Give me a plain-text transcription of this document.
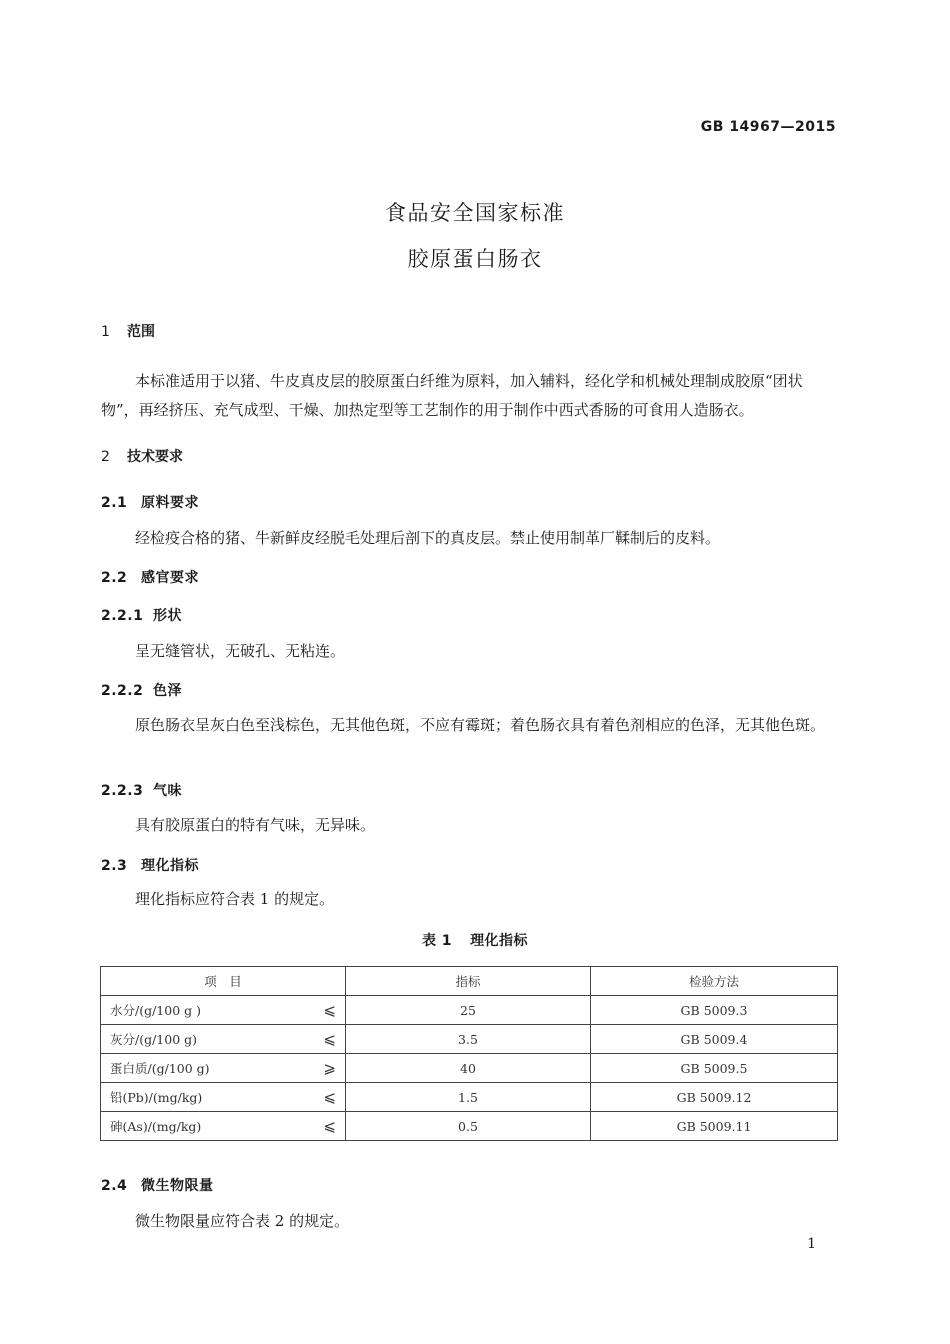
GB 14967—2015
食品安全国家标准
胶原蛋白肠衣
1 范围
本标准适用于以猪、牛皮真皮层的胶原蛋白纤维为原料，加入辅料，经化学和机械处理制成胶原“团状物”，再经挤压、充气成型、干燥、加热定型等工艺制作的用于制作中西式香肠的可食用人造肠衣。
2 技术要求
2.1 原料要求
经检疫合格的猪、牛新鲜皮经脱毛处理后剖下的真皮层。禁止使用制革厂鞣制后的皮料。
2.2 感官要求
2.2.1 形状
呈无缝管状，无破孔、无粘连。
2.2.2 色泽
原色肠衣呈灰白色至浅棕色，无其他色斑，不应有霉斑；着色肠衣具有着色剂相应的色泽，无其他色斑。
2.2.3 气味
具有胶原蛋白的特有气味，无异味。
2.3 理化指标
理化指标应符合表 1 的规定。
表 1 理化指标
项　目	指标	检验方法
水分/(g/100 g ) ⩽	25	GB 5009.3
灰分/(g/100 g) ⩽	3.5	GB 5009.4
蛋白质/(g/100 g) ⩾	40	GB 5009.5
铅(Pb)/(mg/kg) ⩽	1.5	GB 5009.12
砷(As)/(mg/kg) ⩽	0.5	GB 5009.11
2.4 微生物限量
微生物限量应符合表 2 的规定。
1
